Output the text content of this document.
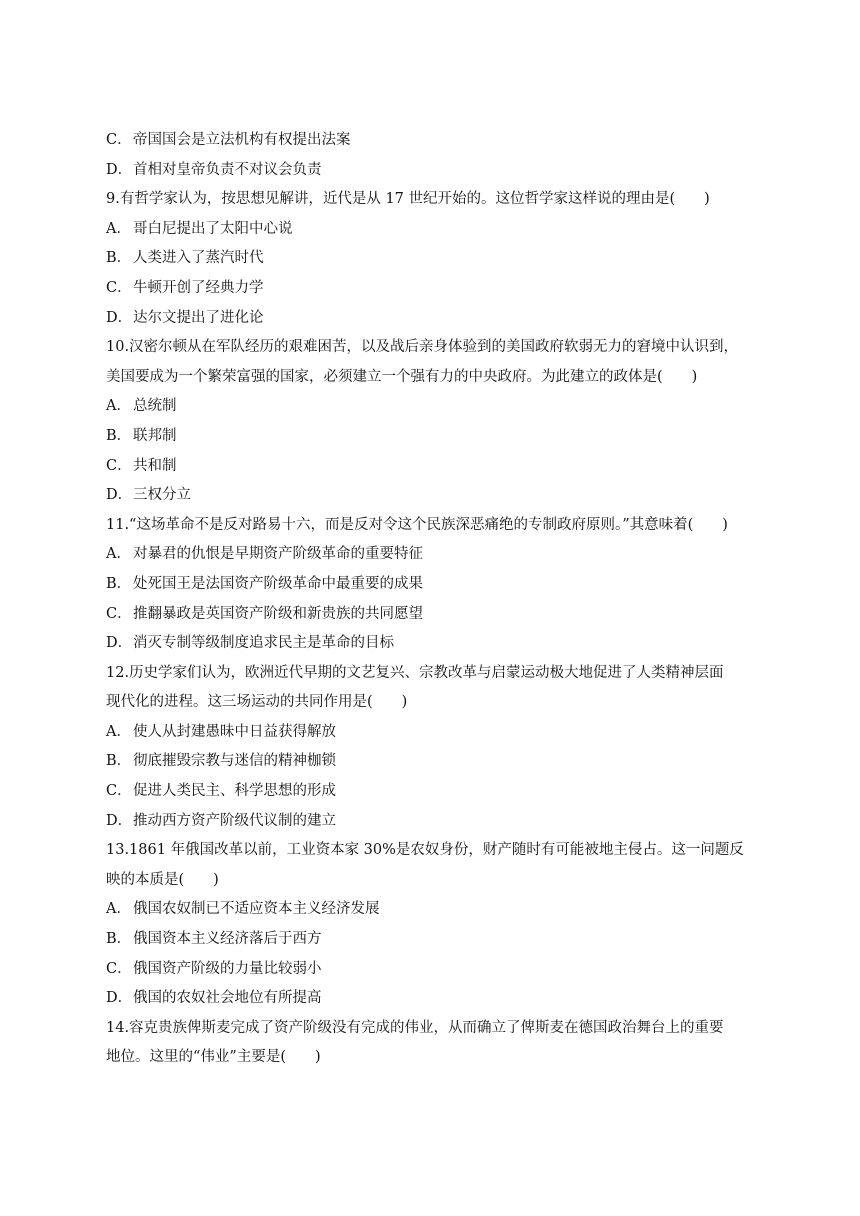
C．帝国国会是立法机构有权提出法案
D．首相对皇帝负责不对议会负责
9.有哲学家认为，按思想见解讲，近代是从 17 世纪开始的。这位哲学家这样说的理由是(　　)
A． 哥白尼提出了太阳中心说
B． 人类进入了蒸汽时代
C．牛顿开创了经典力学
D．达尔文提出了进化论
10.汉密尔顿从在军队经历的艰难困苦，以及战后亲身体验到的美国政府软弱无力的窘境中认识到，
美国要成为一个繁荣富强的国家，必须建立一个强有力的中央政府。为此建立的政体是(　　)
A． 总统制
B． 联邦制
C．共和制
D．三权分立
11.“这场革命不是反对路易十六，而是反对令这个民族深恶痛绝的专制政府原则。”其意味着(　　)
A． 对暴君的仇恨是早期资产阶级革命的重要特征
B． 处死国王是法国资产阶级革命中最重要的成果
C．推翻暴政是英国资产阶级和新贵族的共同愿望
D．消灭专制等级制度追求民主是革命的目标
12.历史学家们认为，欧洲近代早期的文艺复兴、宗教改革与启蒙运动极大地促进了人类精神层面
现代化的进程。这三场运动的共同作用是(　　)
A． 使人从封建愚昧中日益获得解放
B． 彻底摧毁宗教与迷信的精神枷锁
C．促进人类民主、科学思想的形成
D．推动西方资产阶级代议制的建立
13.1861 年俄国改革以前，工业资本家 30%是农奴身份，财产随时有可能被地主侵占。这一问题反
映的本质是(　　)
A． 俄国农奴制已不适应资本主义经济发展
B． 俄国资本主义经济落后于西方
C．俄国资产阶级的力量比较弱小
D．俄国的农奴社会地位有所提高
14.容克贵族俾斯麦完成了资产阶级没有完成的伟业，从而确立了俾斯麦在德国政治舞台上的重要
地位。这里的“伟业”主要是(　　)
